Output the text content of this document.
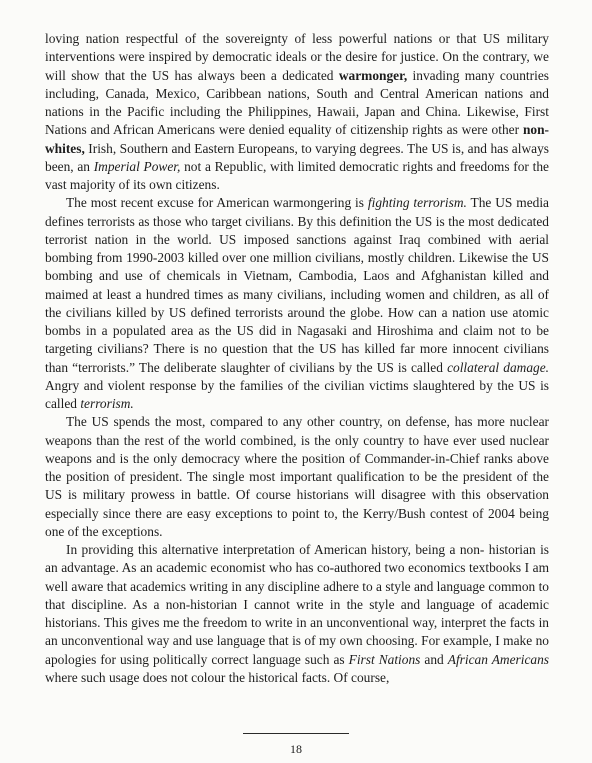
loving nation respectful of the sovereignty of less powerful nations or that US military interventions were inspired by democratic ideals or the desire for justice. On the contrary, we will show that the US has always been a dedicated warmonger, invading many countries including, Canada, Mexico, Caribbean nations, South and Central American nations and nations in the Pacific including the Philippines, Hawaii, Japan and China. Likewise, First Nations and African Americans were denied equality of citizenship rights as were other non-whites, Irish, Southern and Eastern Europeans, to varying degrees. The US is, and has always been, an Imperial Power, not a Republic, with limited democratic rights and freedoms for the vast majority of its own citizens.

The most recent excuse for American warmongering is fighting terrorism. The US media defines terrorists as those who target civilians. By this definition the US is the most dedicated terrorist nation in the world. US imposed sanctions against Iraq combined with aerial bombing from 1990-2003 killed over one million civilians, mostly children. Likewise the US bombing and use of chemicals in Vietnam, Cambodia, Laos and Afghanistan killed and maimed at least a hundred times as many civilians, including women and children, as all of the civilians killed by US defined terrorists around the globe. How can a nation use atomic bombs in a populated area as the US did in Nagasaki and Hiroshima and claim not to be targeting civilians? There is no question that the US has killed far more innocent civilians than “terrorists.” The deliberate slaughter of civilians by the US is called collateral damage. Angry and violent response by the families of the civilian victims slaughtered by the US is called terrorism.

The US spends the most, compared to any other country, on defense, has more nuclear weapons than the rest of the world combined, is the only country to have ever used nuclear weapons and is the only democracy where the position of Commander-in-Chief ranks above the position of president. The single most important qualification to be the president of the US is military prowess in battle. Of course historians will disagree with this observation especially since there are easy exceptions to point to, the Kerry/Bush contest of 2004 being one of the exceptions.

In providing this alternative interpretation of American history, being a non- historian is an advantage. As an academic economist who has co-authored two economics textbooks I am well aware that academics writing in any discipline adhere to a style and language common to that discipline. As a non-historian I cannot write in the style and language of academic historians. This gives me the freedom to write in an unconventional way, interpret the facts in an unconventional way and use language that is of my own choosing. For example, I make no apologies for using politically correct language such as First Nations and African Americans where such usage does not colour the historical facts. Of course,

18
